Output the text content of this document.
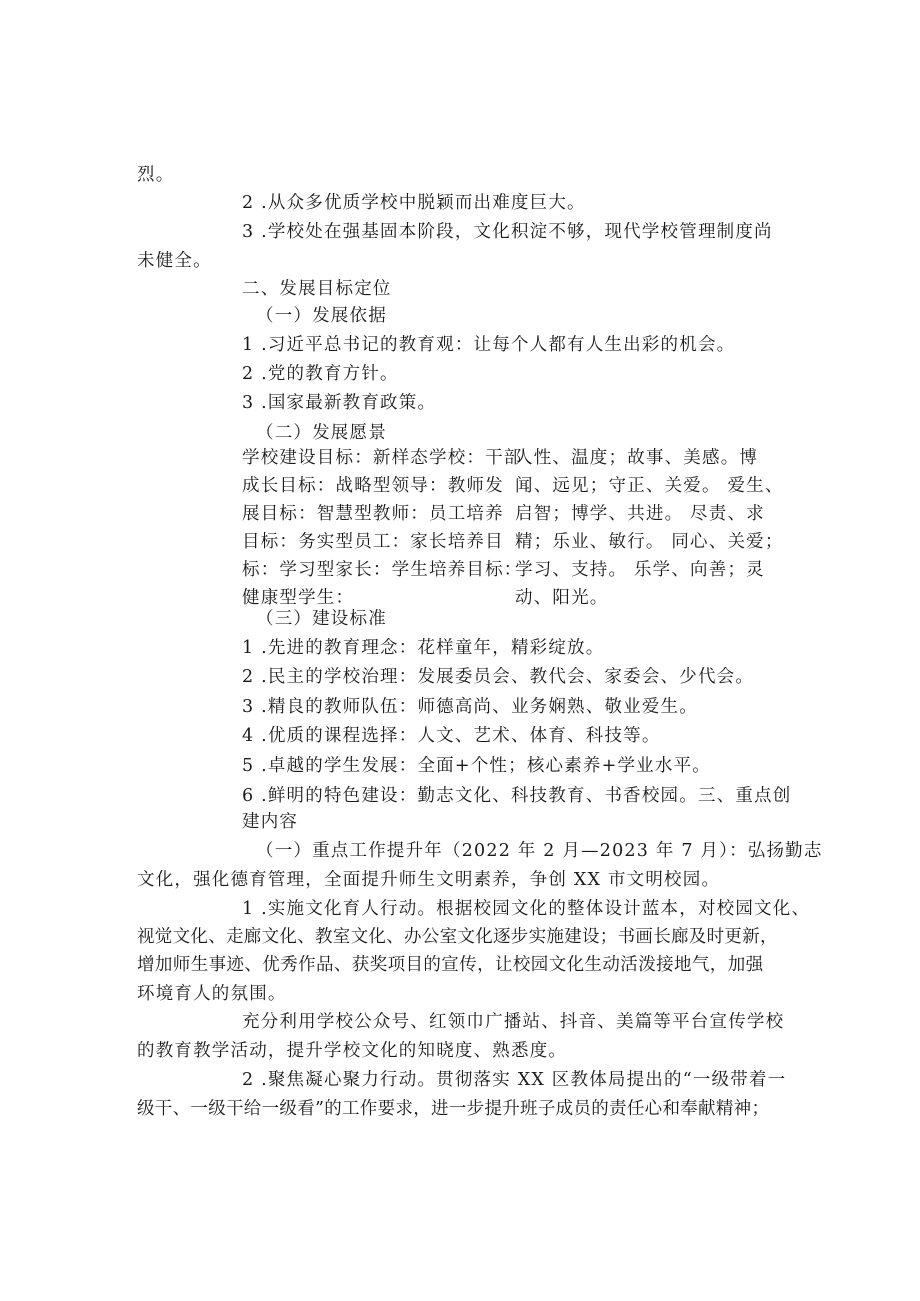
烈。

2 .从众多优质学校中脱颖而出难度巨大。

3 .学校处在强基固本阶段，文化积淀不够，现代学校管理制度尚

未健全。

二、发展目标定位

（一）发展依据

1 .习近平总书记的教育观：让每个人都有人生出彩的机会。

2 .党的教育方针。

3 .国家最新教育政策。

（二）发展愿景

学校建设目标：新样态学校：干部

成长目标：战略型领导：教师发

展目标：智慧型教师：员工培养

目标：务实型员工：家长培养目

标：学习型家长：学生培养目标：

健康型学生：

人性、温度；故事、美感。博

闻、远见；守正、关爱。 爱生、

启智；博学、共进。 尽责、求

精；乐业、敏行。 同心、关爱；

学习、支持。 乐学、向善；灵

动、阳光。

（三）建设标准

1 .先进的教育理念：花样童年，精彩绽放。

2 .民主的学校治理：发展委员会、教代会、家委会、少代会。

3 .精良的教师队伍：师德高尚、业务娴熟、敬业爱生。

4 .优质的课程选择：人文、艺术、体育、科技等。

5 .卓越的学生发展：全面+个性；核心素养+学业水平。

6 .鲜明的特色建设：勤志文化、科技教育、书香校园。三、重点创

建内容

（一）重点工作提升年（2022 年 2 月—2023 年 7 月）：弘扬勤志

文化，强化德育管理，全面提升师生文明素养，争创 XX 市文明校园。

1 .实施文化育人行动。根据校园文化的整体设计蓝本，对校园文化、

视觉文化、走廊文化、教室文化、办公室文化逐步实施建设；书画长廊及时更新，

增加师生事迹、优秀作品、获奖项目的宣传，让校园文化生动活泼接地气，加强

环境育人的氛围。

充分利用学校公众号、红领巾广播站、抖音、美篇等平台宣传学校

的教育教学活动，提升学校文化的知晓度、熟悉度。

2 .聚焦凝心聚力行动。贯彻落实 XX 区教体局提出的“一级带着一

级干、一级干给一级看”的工作要求，进一步提升班子成员的责任心和奉献精神；
